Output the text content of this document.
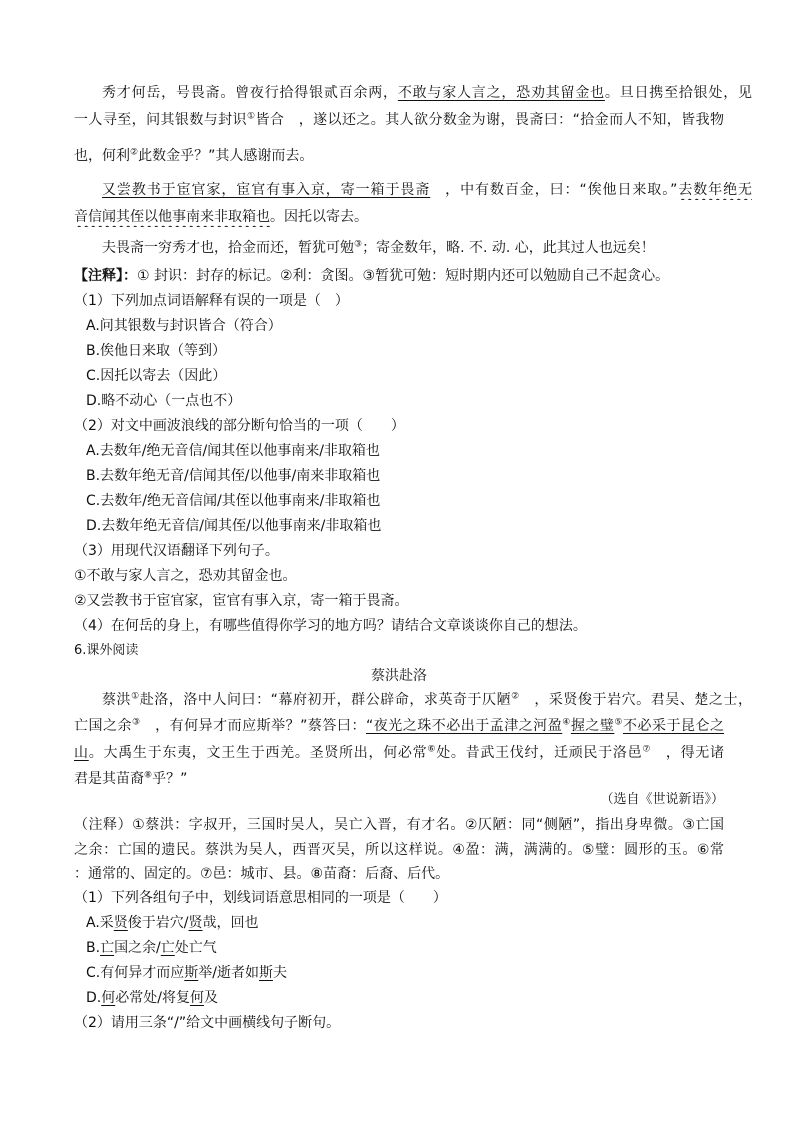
秀才何岳，号畏斋。曾夜行拾得银贰百余两，不敢与家人言之，恐劝其留金也。旦日携至拾银处，见
一人寻至，问其银数与封识①皆合　，遂以还之。其人欲分数金为谢，畏斋曰：“拾金而人不知，皆我物
也，何利②此数金乎？”其人感谢而去。
又尝教书于宦官家，宦官有事入京，寄一箱于畏斋　，中有数百金，曰：“俟他日来取。”去数年绝无
音信闻其侄以他事南来非取箱也。因托以寄去。
夫畏斋一穷秀才也，拾金而还，暂犹可勉③；寄金数年，略. 不. 动. 心，此其过人也远矣！
【注释】：① 封识：封存的标记。②利：贪图。③暂犹可勉：短时期内还可以勉励自己不起贪心。
（1）下列加点词语解释有误的一项是（　）
A.问其银数与封识皆合（符合）
B.俟他日来取（等到）
C.因托以寄去（因此）
D.略不动心（一点也不）
（2）对文中画波浪线的部分断句恰当的一项（　　）
A.去数年/绝无音信/闻其侄以他事南来/非取箱也
B.去数年绝无音/信闻其侄/以他事/南来非取箱也
C.去数年/绝无音信闻/其侄以他事南来/非取箱也
D.去数年绝无音信/闻其侄/以他事南来/非取箱也
（3）用现代汉语翻译下列句子。
①不敢与家人言之，恐劝其留金也。
②又尝教书于宦官家，宦官有事入京，寄一箱于畏斋。
（4）在何岳的身上，有哪些值得你学习的地方吗？请结合文章谈谈你自己的想法。
6.课外阅读
蔡洪赴洛
蔡洪①赴洛，洛中人问曰：“幕府初开，群公辟命，求英奇于仄陋②　，采贤俊于岩穴。君吴、楚之士，
亡国之余③　，有何异才而应斯举？”蔡答曰：“夜光之珠不必出于孟津之河盈④握之璧⑤不必采于昆仑之
山。大禹生于东夷，文王生于西羌。圣贤所出，何必常⑥处。昔武王伐纣，迁顽民于洛邑⑦　，得无诸
君是其苗裔⑧乎？”
（选自《世说新语》）
（注释）①蔡洪：字叔开，三国时吴人，吴亡入晋，有才名。②仄陋：同“侧陋”，指出身卑微。③亡国
之余：亡国的遗民。蔡洪为吴人，西晋灭吴，所以这样说。④盈：满，满满的。⑤璧：圆形的玉。⑥常
：通常的、固定的。⑦邑：城市、县。⑧苗裔：后裔、后代。
（1）下列各组句子中，划线词语意思相同的一项是（　　）
A.采贤俊于岩穴/贤哉，回也
B.亡国之余/亡处亡气
C.有何异才而应斯举/逝者如斯夫
D.何必常处/将复何及
（2）请用三条“/”给文中画横线句子断句。
